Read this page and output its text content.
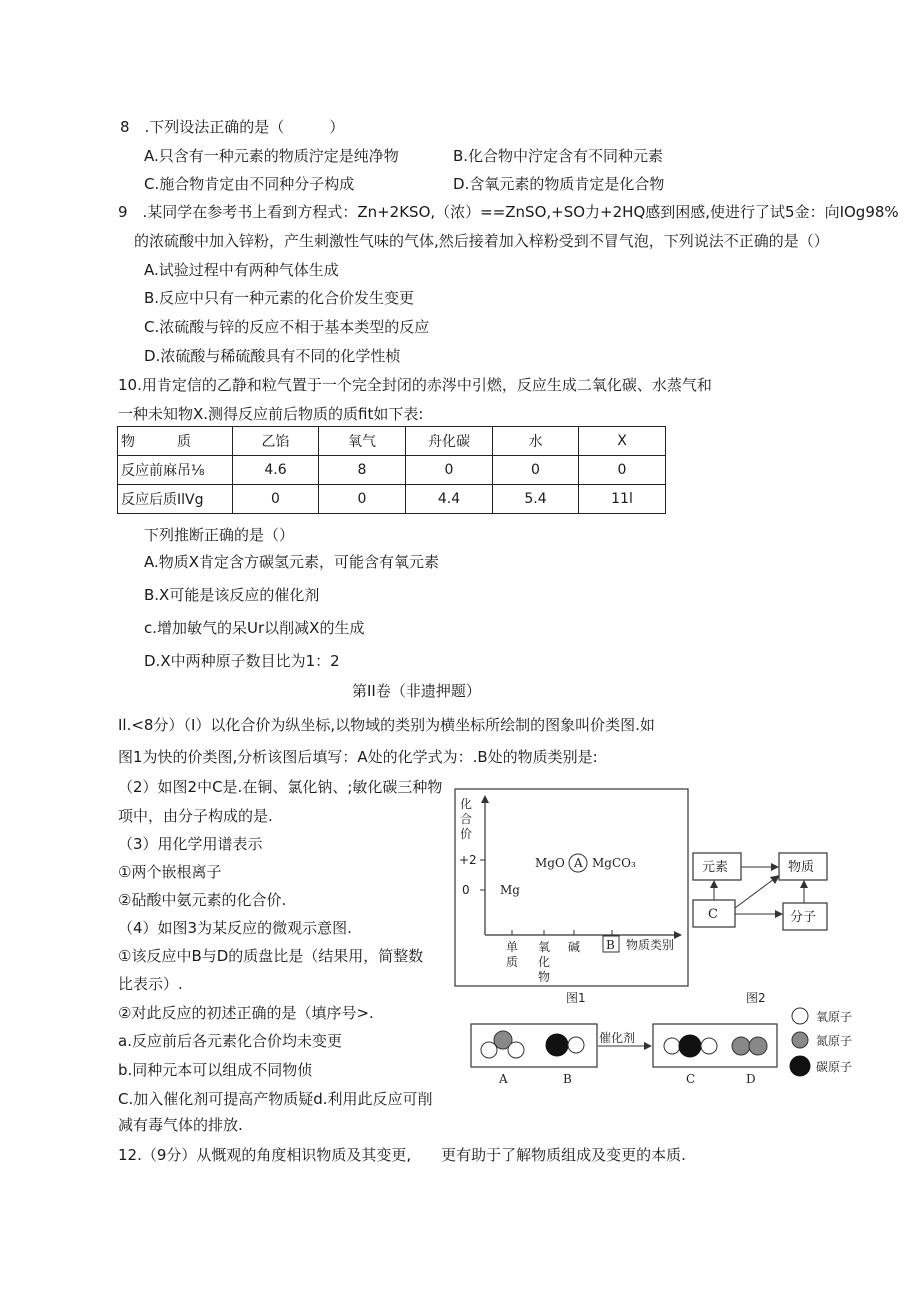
8　.下列设法正确的是（　　　）
A.只含有一种元素的物质泞定是纯净物	B.化合物中泞定含有不同种元素
C.施合物肯定由不同种分子构成	D.含氧元素的物质肯定是化合物
9　.某同学在参考书上看到方程式：Zn+2KSO,（浓）==ZnSO,+SO力+2HQ感到困感,使进行了试5金：向IOg98%
的浓硫酸中加入锌粉，产生刺激性气味的气体,然后接着加入梓粉受到不冒气泡，下列说法不正确的是（）
A.试验过程中有两种气体生成
B.反应中只有一种元素的化合价发生变更
C.浓硫酸与锌的反应不相于基本类型的反应
D.浓硫酸与稀硫酸具有不同的化学性桢
10.用肯定信的乙静和粒气置于一个完全封闭的赤涔中引燃，反应生成二氧化碳、水蒸气和
一种未知物X.测得反应前后物质的质fit如下表:
物　　　质	乙馅	氧气	舟化碳	水	X
反应前麻吊⅛	4.6	8	0	0	0
反应后质IlVg	0	0	4.4	5.4	11l
下列推断正确的是（）
A.物质X肯定含方碳氢元素，可能含有氧元素
B.X可能是该反应的催化剂
c.增加敏气的呆Ur以削减X的生成
D.X中两种原子数目比为1：2
第II卷（非遗押题）
Il.<8分）（I）以化合价为纵坐标,以物域的类别为横坐标所绘制的图象叫价类图.如
图1为快的价类图,分析该图后填写：A处的化学式为：.B处的物质类别是:
（2）如图2中C是.在铜、氯化钠、;敏化碳三种物
项中，由分子构成的是.
（3）用化学用谱表示
①两个嵌根离子
②砧酸中氨元素的化合价.
（4）如图3为某反应的微观示意图.
①该反应中B与D的质盘比是（结果用，简整数
比表示）.
②对此反应的初述正确的是（填序号>.
a.反应前后各元素化合价均未变更
b.同种元本可以组成不同物侦
C.加入催化剂可提高产物质疑d.利用此反应可削
减有毒气体的排放.
12.（9分）从慨观的角度相识物质及其变更,　　更有助于了解物质组成及变更的本质.
化
合
价
+2
0	Mg
MgO A MgCO₃
单
质
氧
化
物
碱 B 物质类别
图1
元素	物质
C	分子
图2
催化剂
A	B	C	D
氧原子
氮原子
碳原子
